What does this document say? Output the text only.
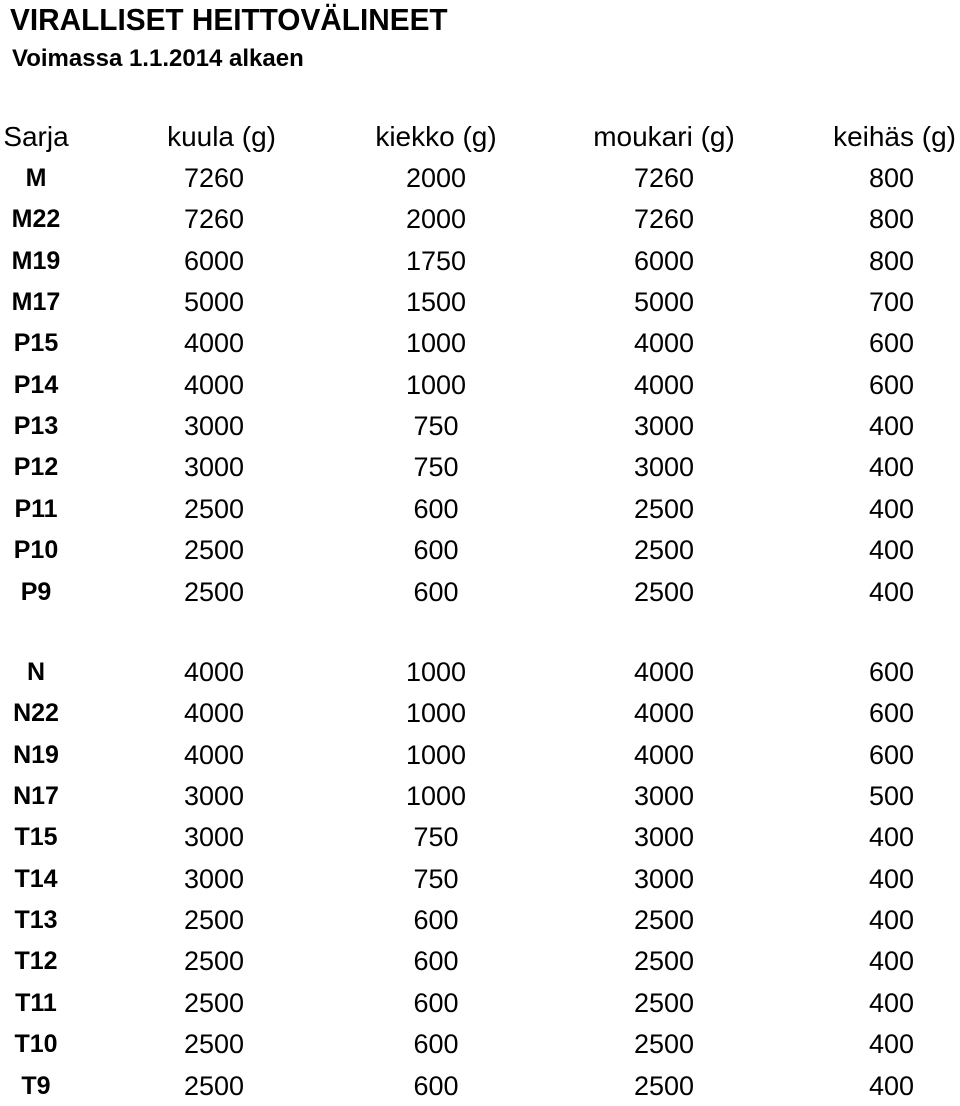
VIRALLISET HEITTOVÄLINEET
Voimassa 1.1.2014 alkaen
Sarja	kuula (g)	kiekko (g)	moukari (g)	keihäs (g)
M	7260	2000	7260	800
M22	7260	2000	7260	800
M19	6000	1750	6000	800
M17	5000	1500	5000	700
P15	4000	1000	4000	600
P14	4000	1000	4000	600
P13	3000	750	3000	400
P12	3000	750	3000	400
P11	2500	600	2500	400
P10	2500	600	2500	400
P9	2500	600	2500	400
N	4000	1000	4000	600
N22	4000	1000	4000	600
N19	4000	1000	4000	600
N17	3000	1000	3000	500
T15	3000	750	3000	400
T14	3000	750	3000	400
T13	2500	600	2500	400
T12	2500	600	2500	400
T11	2500	600	2500	400
T10	2500	600	2500	400
T9	2500	600	2500	400
